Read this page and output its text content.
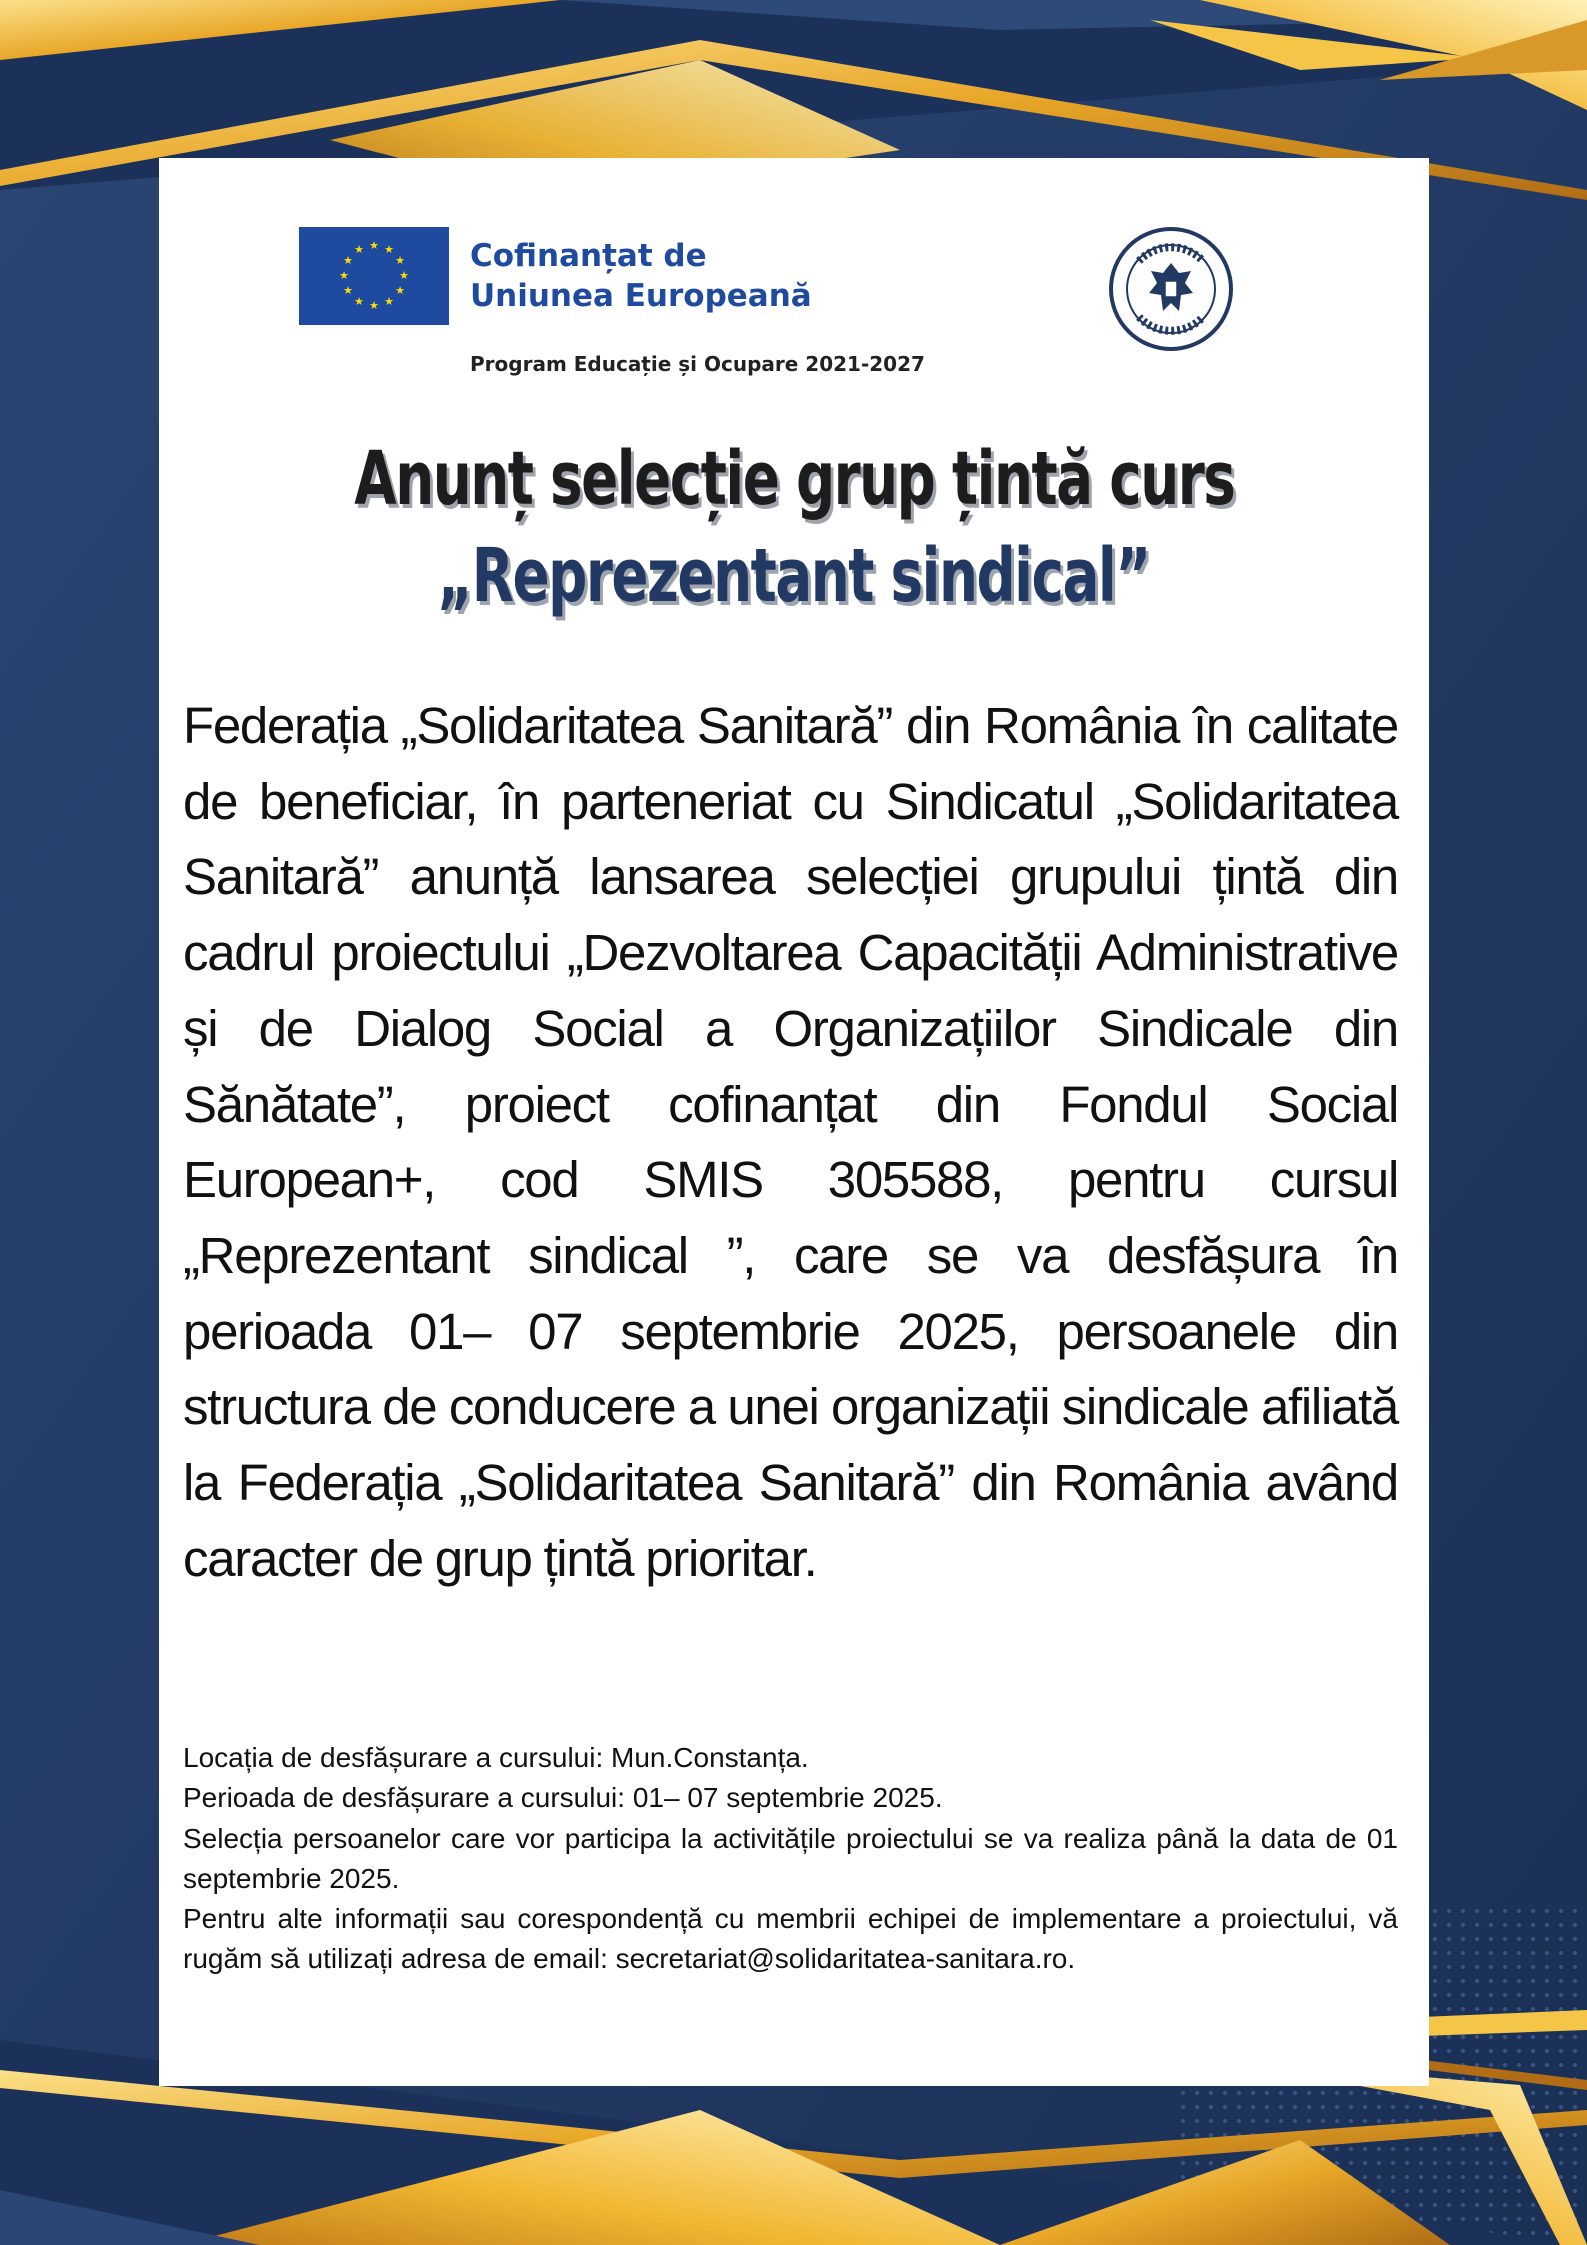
★ ★
★
★
★
★
★
★
★
★
★
★	Cofinanțat de
Uniunea Europeană
Program Educație și Ocupare 2021-2027
Anunț selecție grup țintă curs
„Reprezentant sindical”
Federația „Solidaritatea Sanitară” din România în calitate de beneficiar, în parteneriat cu Sindicatul „Solidaritatea Sanitară” anunță lansarea selecției grupului țintă din cadrul proiectului „Dezvoltarea Capacității Administrative și de Dialog Social a Organizațiilor Sindicale din Sănătate”, proiect cofinanțat din Fondul Social European+, cod SMIS 305588, pentru cursul „Reprezentant sindical ”, care se va desfășura în perioada 01– 07 septembrie 2025, persoanele din structura de conducere a unei organizații sindicale afiliată la Federația „Solidaritatea Sanitară” din România având caracter de grup țintă prioritar.

Locația de desfășurare a cursului: Mun.Constanța.

Perioada de desfășurare a cursului: 01– 07 septembrie 2025.

Selecția persoanelor care vor participa la activitățile proiectului se va realiza până la data de 01 septembrie 2025.

Pentru alte informații sau corespondență cu membrii echipei de implementare a proiectului, vă rugăm să utilizați adresa de email: secretariat@solidaritatea-sanitara.ro.
